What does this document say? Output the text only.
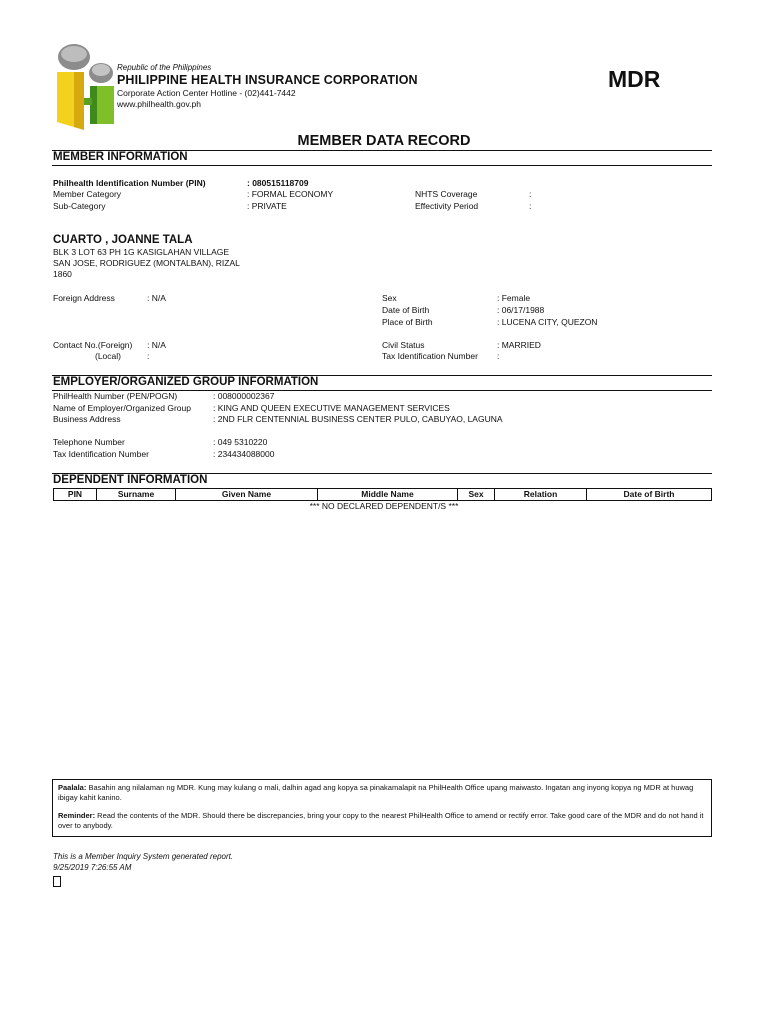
Republic of the Philippines
PHILIPPINE HEALTH INSURANCE CORPORATION
Corporate Action Center Hotline - (02)441-7442
www.philhealth.gov.ph
MDR
MEMBER DATA RECORD
MEMBER INFORMATION
Philhealth Identification Number (PIN)	: 080515118709
Member Category	: FORMAL ECONOMY	NHTS Coverage	:
Sub-Category	: PRIVATE	Effectivity Period	:
CUARTO , JOANNE TALA
BLK 3 LOT 63 PH 1G KASIGLAHAN VILLAGE
SAN JOSE, RODRIGUEZ (MONTALBAN), RIZAL
1860
Foreign Address	: N/A	Sex	: Female
Date of Birth	: 06/17/1988
Place of Birth	: LUCENA CITY, QUEZON
Contact No.(Foreign) : N/A
(Local)	:
Civil Status	: MARRIED
Tax Identification Number :
EMPLOYER/ORGANIZED GROUP INFORMATION
PhilHealth Number (PEN/POGN)	: 008000002367
Name of Employer/Organized Group	: KING AND QUEEN EXECUTIVE MANAGEMENT SERVICES
Business Address	: 2ND FLR CENTENNIAL BUSINESS CENTER PULO, CABUYAO, LAGUNA
Telephone Number	: 049 5310220
Tax Identification Number	: 234434088000
DEPENDENT INFORMATION
PIN	Surname	Given Name	Middle Name	Sex	Relation	Date of Birth
*** NO DECLARED DEPENDENT/S ***

Paalala: Basahin ang nilalaman ng MDR. Kung may kulang o mali, dalhin agad ang kopya sa pinakamalapit na PhilHealth Office upang maiwasto. Ingatan ang inyong kopya ng MDR at huwag ibigay kahit kanino.

Reminder: Read the contents of the MDR. Should there be discrepancies, bring your copy to the nearest PhilHealth Office to amend or rectify error. Take good care of the MDR and do not hand it over to anybody.

This is a Member Inquiry System generated report.
9/25/2019 7:26:55 AM
